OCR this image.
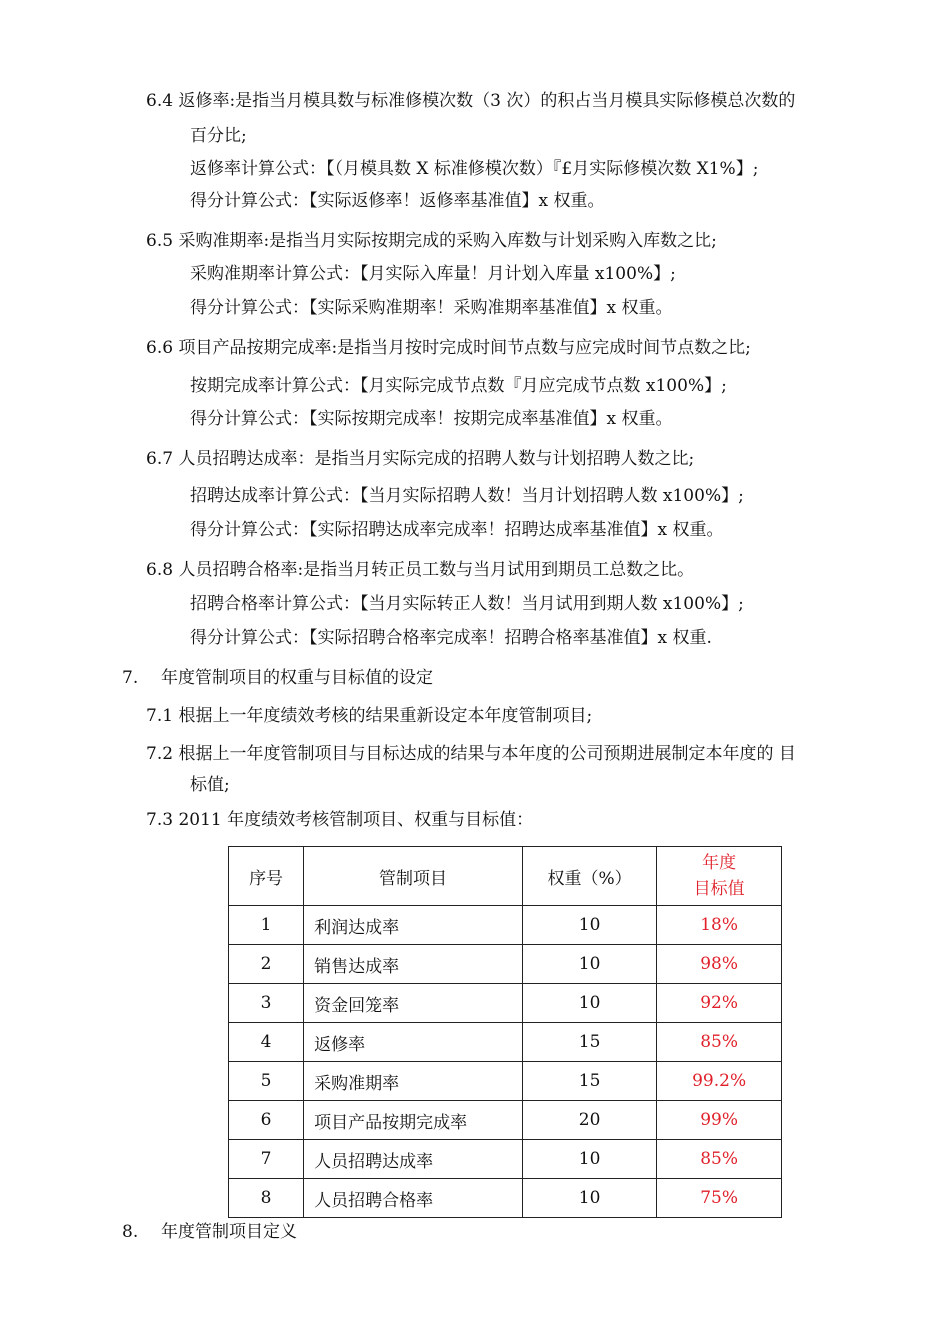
6.4 返修率:是指当月模具数与标准修模次数（3 次）的积占当月模具实际修模总次数的
百分比;
返修率计算公式：【（月模具数 X 标准修模次数）『£月实际修模次数 X1%】;
得分计算公式：【实际返修率！返修率基准值】x 权重。
6.5 采购准期率:是指当月实际按期完成的采购入库数与计划采购入库数之比;
采购准期率计算公式：【月实际入库量！月计划入库量 x100%】;
得分计算公式：【实际采购准期率！采购准期率基准值】x 权重。
6.6 项目产品按期完成率:是指当月按时完成时间节点数与应完成时间节点数之比;
按期完成率计算公式：【月实际完成节点数『月应完成节点数 x100%】;
得分计算公式：【实际按期完成率！按期完成率基准值】x 权重。
6.7 人员招聘达成率：是指当月实际完成的招聘人数与计划招聘人数之比;
招聘达成率计算公式：【当月实际招聘人数！当月计划招聘人数 x100%】;
得分计算公式：【实际招聘达成率完成率！招聘达成率基准值】x 权重。
6.8 人员招聘合格率:是指当月转正员工数与当月试用到期员工总数之比。
招聘合格率计算公式：【当月实际转正人数！当月试用到期人数 x100%】;
得分计算公式：【实际招聘合格率完成率！招聘合格率基准值】x 权重.
7. 年度管制项目的权重与目标值的设定
7.1 根据上一年度绩效考核的结果重新设定本年度管制项目;
7.2 根据上一年度管制项目与目标达成的结果与本年度的公司预期进展制定本年度的 目
标值;
7.3 2011 年度绩效考核管制项目、权重与目标值：
序号	管制项目	权重（%）	年度
目标值

1	利润达成率	10	18%
2	销售达成率	10	98%
3	资金回笼率	10	92%
4	返修率	15	85%
5	采购准期率	15	99.2%
6	项目产品按期完成率	20	99%
7	人员招聘达成率	10	85%
8	人员招聘合格率	10	75%
8. 年度管制项目定义
